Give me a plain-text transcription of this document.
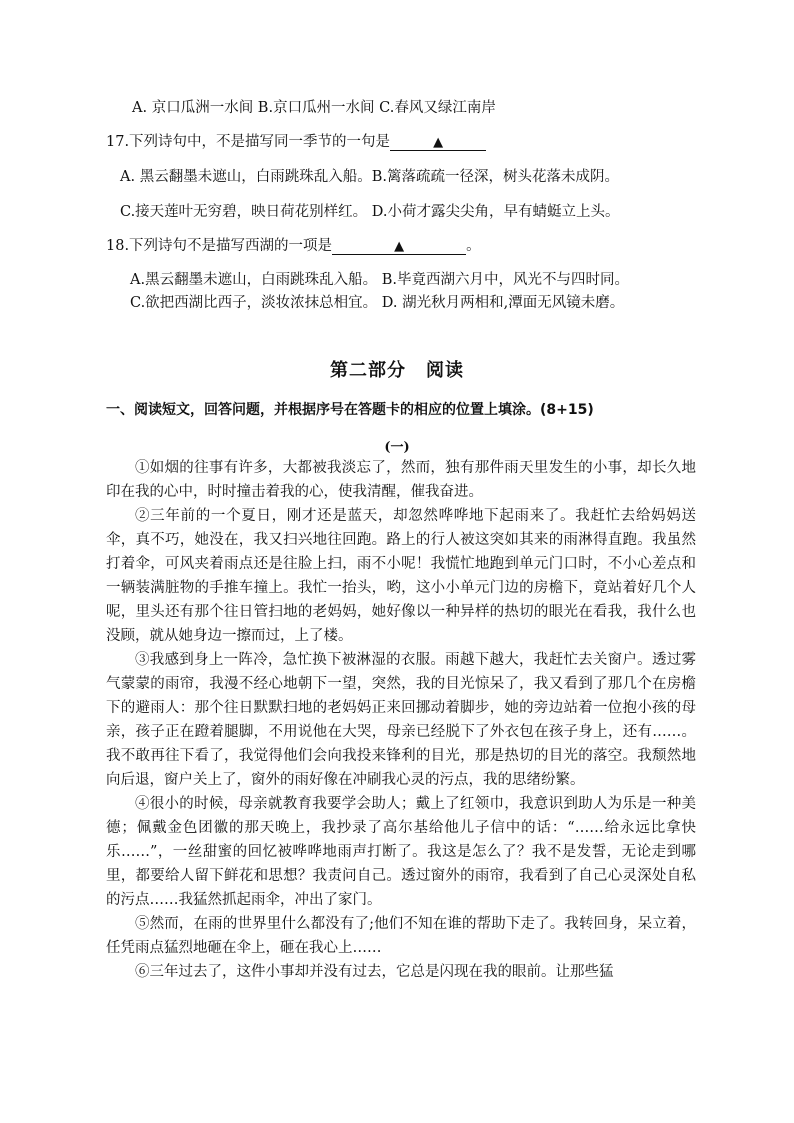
A. 京口瓜洲一水间 B.京口瓜州一水间 C.春风又绿江南岸
17.下列诗句中，不是描写同一季节的一句是	▲
A. 黑云翻墨未遮山，白雨跳珠乱入船。B.篱落疏疏一径深，树头花落未成阴。
C.接天莲叶无穷碧，映日荷花别样红。 D.小荷才露尖尖角，早有蜻蜓立上头。
18.下列诗句不是描写西湖的一项是	▲	。
A.黑云翻墨未遮山，白雨跳珠乱入船。 B.毕竟西湖六月中，风光不与四时同。
C.欲把西湖比西子，淡妆浓抹总相宜。 D. 湖光秋月两相和,潭面无风镜未磨。
第二部分 阅读
一、阅读短文，回答问题，并根据序号在答题卡的相应的位置上填涂。(8+15)
(一)

①如烟的往事有许多，大都被我淡忘了，然而，独有那件雨天里发生的小事，却长久地印在我的心中，时时撞击着我的心，使我清醒，催我奋进。

②三年前的一个夏日，刚才还是蓝天，却忽然哗哗地下起雨来了。我赶忙去给妈妈送伞，真不巧，她没在，我又扫兴地往回跑。路上的行人被这突如其来的雨淋得直跑。我虽然打着伞，可风夹着雨点还是往脸上扫，雨不小呢！我慌忙地跑到单元门口时，不小心差点和一辆装满脏物的手推车撞上。我忙一抬头，哟，这小小单元门边的房檐下，竟站着好几个人呢，里头还有那个往日管扫地的老妈妈，她好像以一种异样的热切的眼光在看我，我什么也没顾，就从她身边一擦而过，上了楼。

③我感到身上一阵冷，急忙换下被淋湿的衣服。雨越下越大，我赶忙去关窗户。透过雾气蒙蒙的雨帘，我漫不经心地朝下一望，突然，我的目光惊呆了，我又看到了那几个在房檐下的避雨人：那个往日默默扫地的老妈妈正来回挪动着脚步，她的旁边站着一位抱小孩的母亲，孩子正在蹬着腿脚，不用说他在大哭，母亲已经脱下了外衣包在孩子身上，还有……。我不敢再往下看了，我觉得他们会向我投来锋利的目光，那是热切的目光的落空。我颓然地向后退，窗户关上了，窗外的雨好像在冲刷我心灵的污点，我的思绪纷繁。

④很小的时候，母亲就教育我要学会助人；戴上了红领巾，我意识到助人为乐是一种美德；佩戴金色团徽的那天晚上，我抄录了高尔基给他儿子信中的话：“……给永远比拿快乐……”，一丝甜蜜的回忆被哗哗地雨声打断了。我这是怎么了？我不是发誓，无论走到哪里，都要给人留下鲜花和思想？我责问自己。透过窗外的雨帘，我看到了自己心灵深处自私的污点……我猛然抓起雨伞，冲出了家门。

⑤然而，在雨的世界里什么都没有了;他们不知在谁的帮助下走了。我转回身，呆立着，任凭雨点猛烈地砸在伞上，砸在我心上……

⑥三年过去了，这件小事却并没有过去，它总是闪现在我的眼前。让那些猛
